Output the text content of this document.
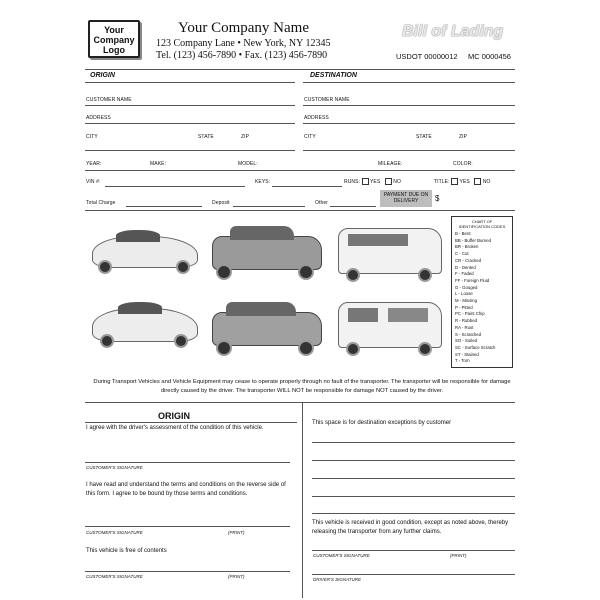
Your
Company
Logo
Your Company Name
123 Company Lane • New York, NY 12345
Tel. (123) 456-7890 • Fax. (123) 456-7890
Bill of Lading
USDOT 00000012 MC 0000456
ORIGIN	DESTINATION
CUSTOMER NAME
ADDRESS
CITY	STATE	ZIP
CUSTOMER NAME
ADDRESS
CITY	STATE	ZIP
YEAR:	MAKE:	MODEL:	MILEAGE:	COLOR:
VIN #:	KEYS:	RUNS: YES	NO	TITLE: YES	NO
Total Charge	Deposit	Other
PAYMENT DUE ON DELIVERY	$
CHART OF IDENTIFICATION CODES
B - Bent
BB - Buffer Burned
BR - Broken
C - Cut
CR - Cracked
D - Dented
F - Faded
FF - Foreign Fluid
G - Gouged
L - Loose
M - Missing
P - Pitted
PC - Paint Chip
R - Rubbed
RA - Rust
S - Scratched
SO - Soiled
SC - Surface Scratch
ST - Stained
T - Torn
During Transport Vehicles and Vehicle Equipment may cease to operate properly through no fault of the transporter. The transporter will be responsible for damage directly caused by the driver. The transporter WILL NOT be responsible for damage NOT caused by the driver.
ORIGIN
I agree with the driver's assessment of the condition of this vehicle.
CUSTOMER'S SIGNATURE
I have read and understand the terms and conditions on the reverse side of this form. I agree to be bound by those terms and conditions.
CUSTOMER'S SIGNATURE	(PRINT)
This vehicle is free of contents
CUSTOMER'S SIGNATURE	(PRINT)
This space is for destination exceptions by customer
This vehicle is received in good condition, except as noted above, thereby releasing the transporter from any further claims.
CUSTOMER'S SIGNATURE	(PRINT)
DRIVER'S SIGNATURE
